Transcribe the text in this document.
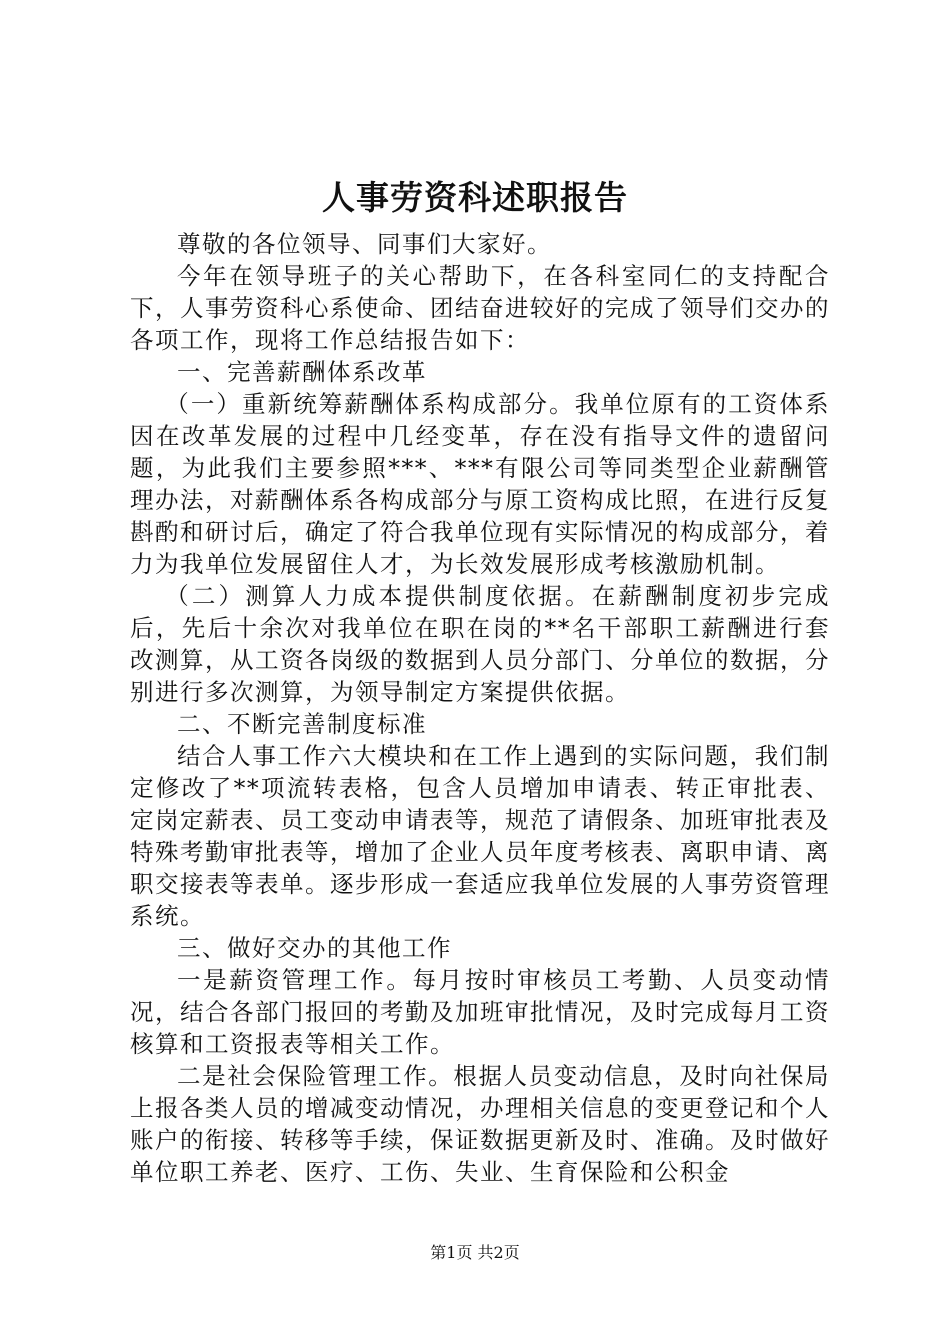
人事劳资科述职报告

尊敬的各位领导、同事们大家好。

今年在领导班子的关心帮助下，在各科室同仁的支持配合下，人事劳资科心系使命、团结奋进较好的完成了领导们交办的各项工作，现将工作总结报告如下：

一、完善薪酬体系改革

（一）重新统筹薪酬体系构成部分。我单位原有的工资体系因在改革发展的过程中几经变革，存在没有指导文件的遗留问题，为此我们主要参照***、***有限公司等同类型企业薪酬管理办法，对薪酬体系各构成部分与原工资构成比照，在进行反复斟酌和研讨后，确定了符合我单位现有实际情况的构成部分，着力为我单位发展留住人才，为长效发展形成考核激励机制。

（二）测算人力成本提供制度依据。在薪酬制度初步完成后，先后十余次对我单位在职在岗的**名干部职工薪酬进行套改测算，从工资各岗级的数据到人员分部门、分单位的数据，分别进行多次测算，为领导制定方案提供依据。

二、不断完善制度标准

结合人事工作六大模块和在工作上遇到的实际问题，我们制定修改了**项流转表格，包含人员增加申请表、转正审批表、定岗定薪表、员工变动申请表等，规范了请假条、加班审批表及特殊考勤审批表等，增加了企业人员年度考核表、离职申请、离职交接表等表单。逐步形成一套适应我单位发展的人事劳资管理系统。

三、做好交办的其他工作

一是薪资管理工作。每月按时审核员工考勤、人员变动情况，结合各部门报回的考勤及加班审批情况，及时完成每月工资核算和工资报表等相关工作。

二是社会保险管理工作。根据人员变动信息，及时向社保局上报各类人员的增减变动情况，办理相关信息的变更登记和个人账户的衔接、转移等手续，保证数据更新及时、准确。及时做好单位职工养老、医疗、工伤、失业、生育保险和公积金

第1页 共2页
